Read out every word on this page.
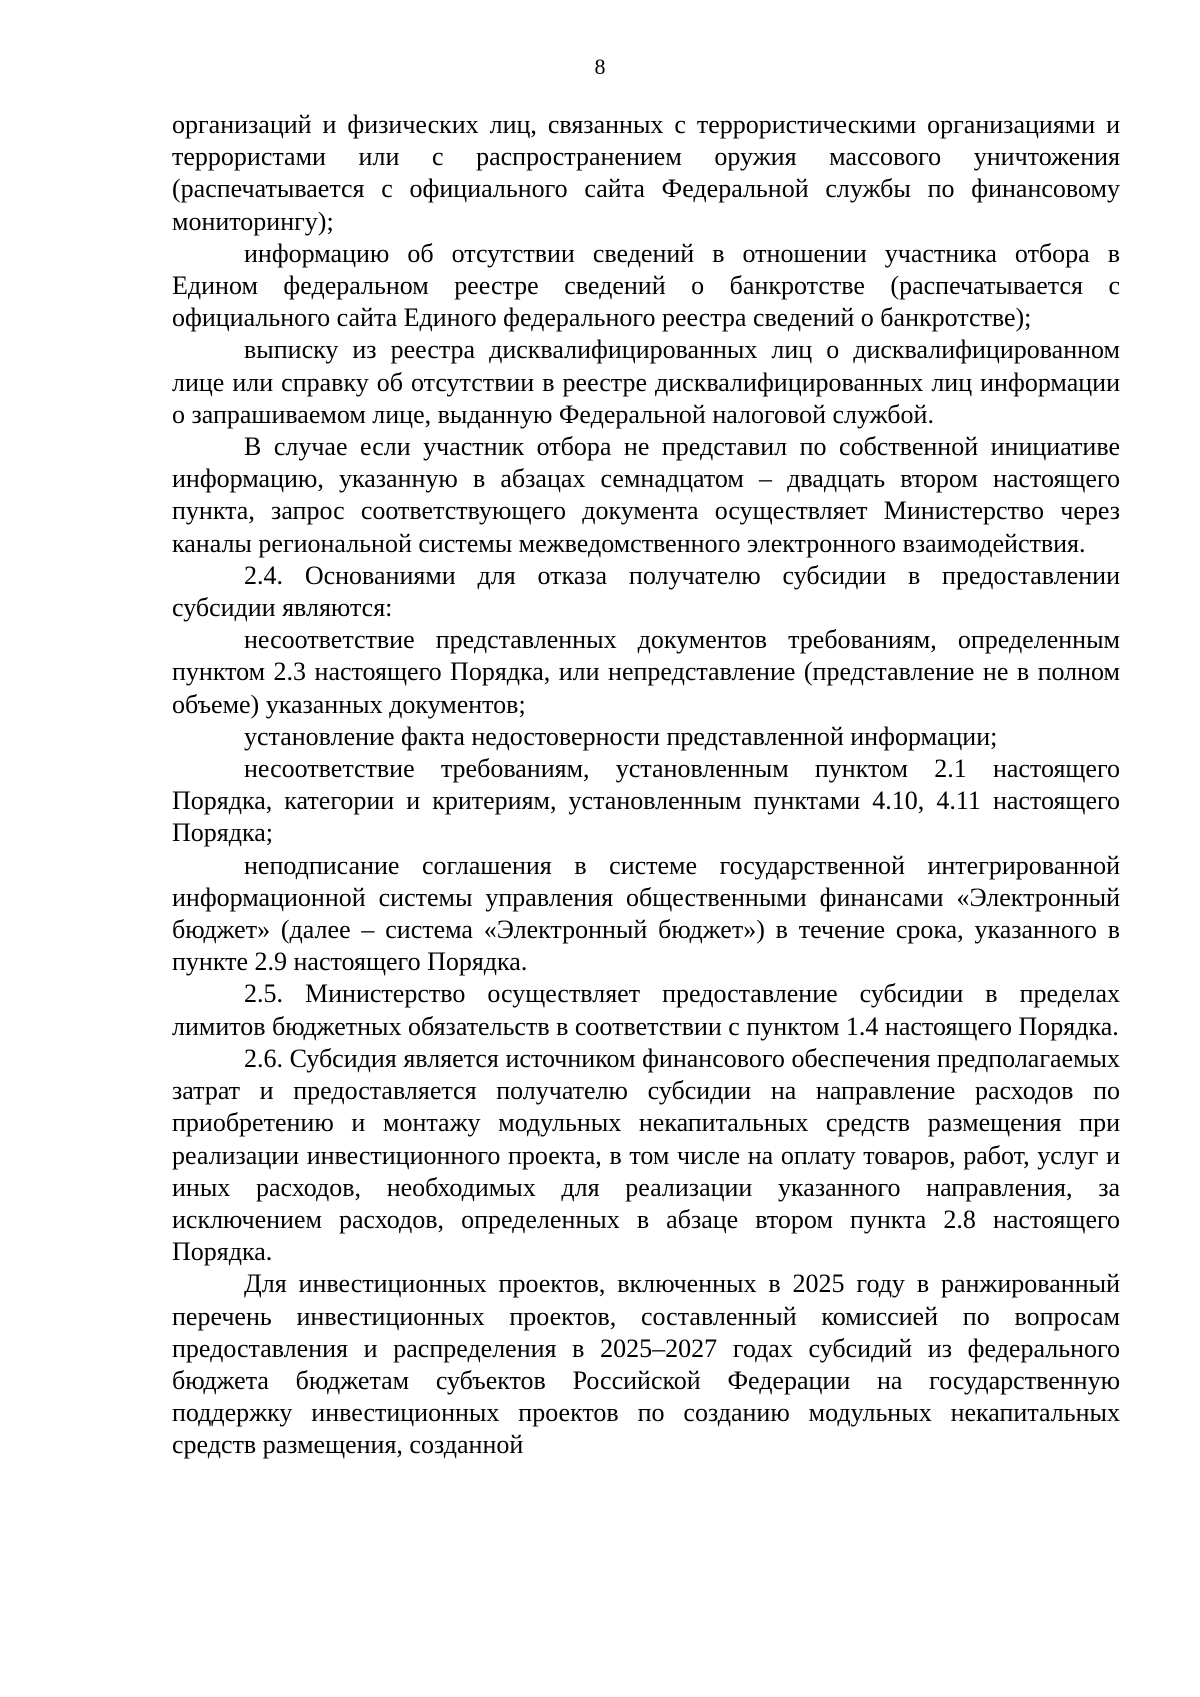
8

организаций и физических лиц, связанных с террористическими организациями и террористами или с распространением оружия массового уничтожения (распечатывается с официального сайта Федеральной службы по финансовому мониторингу);

информацию об отсутствии сведений в отношении участника отбора в Едином федеральном реестре сведений о банкротстве (распечатывается с официального сайта Единого федерального реестра сведений о банкротстве);

выписку из реестра дисквалифицированных лиц о дисквалифицированном лице или справку об отсутствии в реестре дисквалифицированных лиц информации о запрашиваемом лице, выданную Федеральной налоговой службой.

В случае если участник отбора не представил по собственной инициативе информацию, указанную в абзацах семнадцатом – двадцать втором настоящего пункта, запрос соответствующего документа осуществляет Министерство через каналы региональной системы межведомственного электронного взаимодействия.

2.4. Основаниями для отказа получателю субсидии в предоставлении субсидии являются:

несоответствие представленных документов требованиям, определенным пунктом 2.3 настоящего Порядка, или непредставление (представление не в полном объеме) указанных документов;

установление факта недостоверности представленной информации;

несоответствие требованиям, установленным пунктом 2.1 настоящего Порядка, категории и критериям, установленным пунктами 4.10, 4.11 настоящего Порядка;

неподписание соглашения в системе государственной интегрированной информационной системы управления общественными финансами «Электронный бюджет» (далее – система «Электронный бюджет») в течение срока, указанного в пункте 2.9 настоящего Порядка.

2.5. Министерство осуществляет предоставление субсидии в пределах лимитов бюджетных обязательств в соответствии с пунктом 1.4 настоящего Порядка.

2.6. Субсидия является источником финансового обеспечения предполагаемых затрат и предоставляется получателю субсидии на направление расходов по приобретению и монтажу модульных некапитальных средств размещения при реализации инвестиционного проекта, в том числе на оплату товаров, работ, услуг и иных расходов, необходимых для реализации указанного направления, за исключением расходов, определенных в абзаце втором пункта 2.8 настоящего Порядка.

Для инвестиционных проектов, включенных в 2025 году в ранжированный перечень инвестиционных проектов, составленный комиссией по вопросам предоставления и распределения в 2025–2027 годах субсидий из федерального бюджета бюджетам субъектов Российской Федерации на государственную поддержку инвестиционных проектов по созданию модульных некапитальных средств размещения, созданной
